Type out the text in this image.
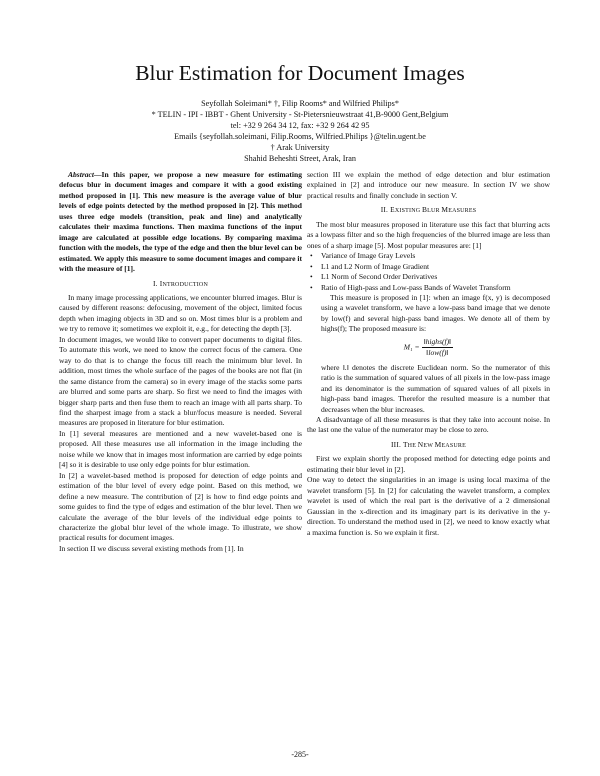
Blur Estimation for Document Images
Seyfollah Soleimani* †, Filip Rooms* and Wilfried Philips*
* TELIN - IPI - IBBT - Ghent University - St-Pietersnieuwstraat 41,B-9000 Gent,Belgium
tel: +32 9 264 34 12, fax: +32 9 264 42 95
Emails {seyfollah.soleimani, Filip.Rooms, Wilfried.Philips }@telin.ugent.be
† Arak University
Shahid Beheshti Street, Arak, Iran

Abstract—In this paper, we propose a new measure for estimating defocus blur in document images and compare it with a good existing method proposed in [1]. This new measure is the average value of blur levels of edge points detected by the method proposed in [2]. This method uses three edge models (transition, peak and line) and analytically calculates their maxima functions. Then maxima functions of the input image are calculated at possible edge locations. By comparing maxima function with the models, the type of the edge and then the blur level can be estimated. We apply this measure to some document images and compare it with the measure of [1].

I. INTRODUCTION

In many image processing applications, we encounter blurred images. Blur is caused by different reasons: defocusing, movement of the object, limited focus depth when imaging objects in 3D and so on. Most times blur is a problem and we try to remove it; sometimes we exploit it, e.g., for detecting the depth [3].

In document images, we would like to convert paper documents to digital files. To automate this work, we need to know the correct focus of the camera. One way to do that is to change the focus till reach the minimum blur level. In addition, most times the whole surface of the pages of the books are not flat (in the same distance from the camera) so in every image of the stacks some parts are blurred and some parts are sharp. So first we need to find the images with bigger sharp parts and then fuse them to reach an image with all parts sharp. To find the sharpest image from a stack a blur/focus measure is needed. Several measures are proposed in literature for blur estimation.

In [1] several measures are mentioned and a new wavelet-based one is proposed. All these measures use all information in the image including the noise while we know that in images most information are carried by edge points [4] so it is desirable to use only edge points for blur estimation.

In [2] a wavelet-based method is proposed for detection of edge points and estimation of the blur level of every edge point. Based on this method, we define a new measure. The contribution of [2] is how to find edge points and some guides to find the type of edges and estimation of the blur level. Then we calculate the average of the blur levels of the individual edge points to characterize the global blur level of the whole image. To illustrate, we show practical results for document images.

In section II we discuss several existing methods from [1]. In

section III we explain the method of edge detection and blur estimation explained in [2] and introduce our new measure. In section IV we show practical results and finally conclude in section V.

II. EXISTING BLUR MEASURES

The most blur measures proposed in literature use this fact that blurring acts as a lowpass filter and so the high frequencies of the blurred image are less than ones of a sharp image [5]. Most popular measures are: [1]

• Variance of Image Gray Levels
• L1 and L2 Norm of Image Gradient
• L1 Norm of Second Order Derivatives
• Ratio of High-pass and Low-pass Bands of Wavelet Transform

This measure is proposed in [1]: when an image f(x, y) is decomposed using a wavelet transform, we have a low-pass band image that we denote by low(f) and several high-pass band images. We denote all of them by highs(f); The proposed measure is:

$M_1 = \frac{\text{‖highs(f)‖}}{\text{‖low(f)‖}}$

where ‖.‖ denotes the discrete Euclidean norm. So the numerator of this ratio is the summation of squared values of all pixels in the low-pass image and its denominator is the summation of squared values of all pixels in high-pass band images. Therefor the resulted measure is a number that decreases when the blur increases.

A disadvantage of all these measures is that they take into account noise. In the last one the value of the numerator may be close to zero.

III. THE NEW MEASURE

First we explain shortly the proposed method for detecting edge points and estimating their blur level in [2].

One way to detect the singularities in an image is using local maxima of the wavelet transform [5]. In [2] for calculating the wavelet transform, a complex wavelet is used of which the real part is the derivative of a 2 dimensional Gaussian in the x-direction and its imaginary part is its derivative in the y-direction. To understand the method used in [2], we need to know exactly what a maxima function is. So we explain it first.

-285-
